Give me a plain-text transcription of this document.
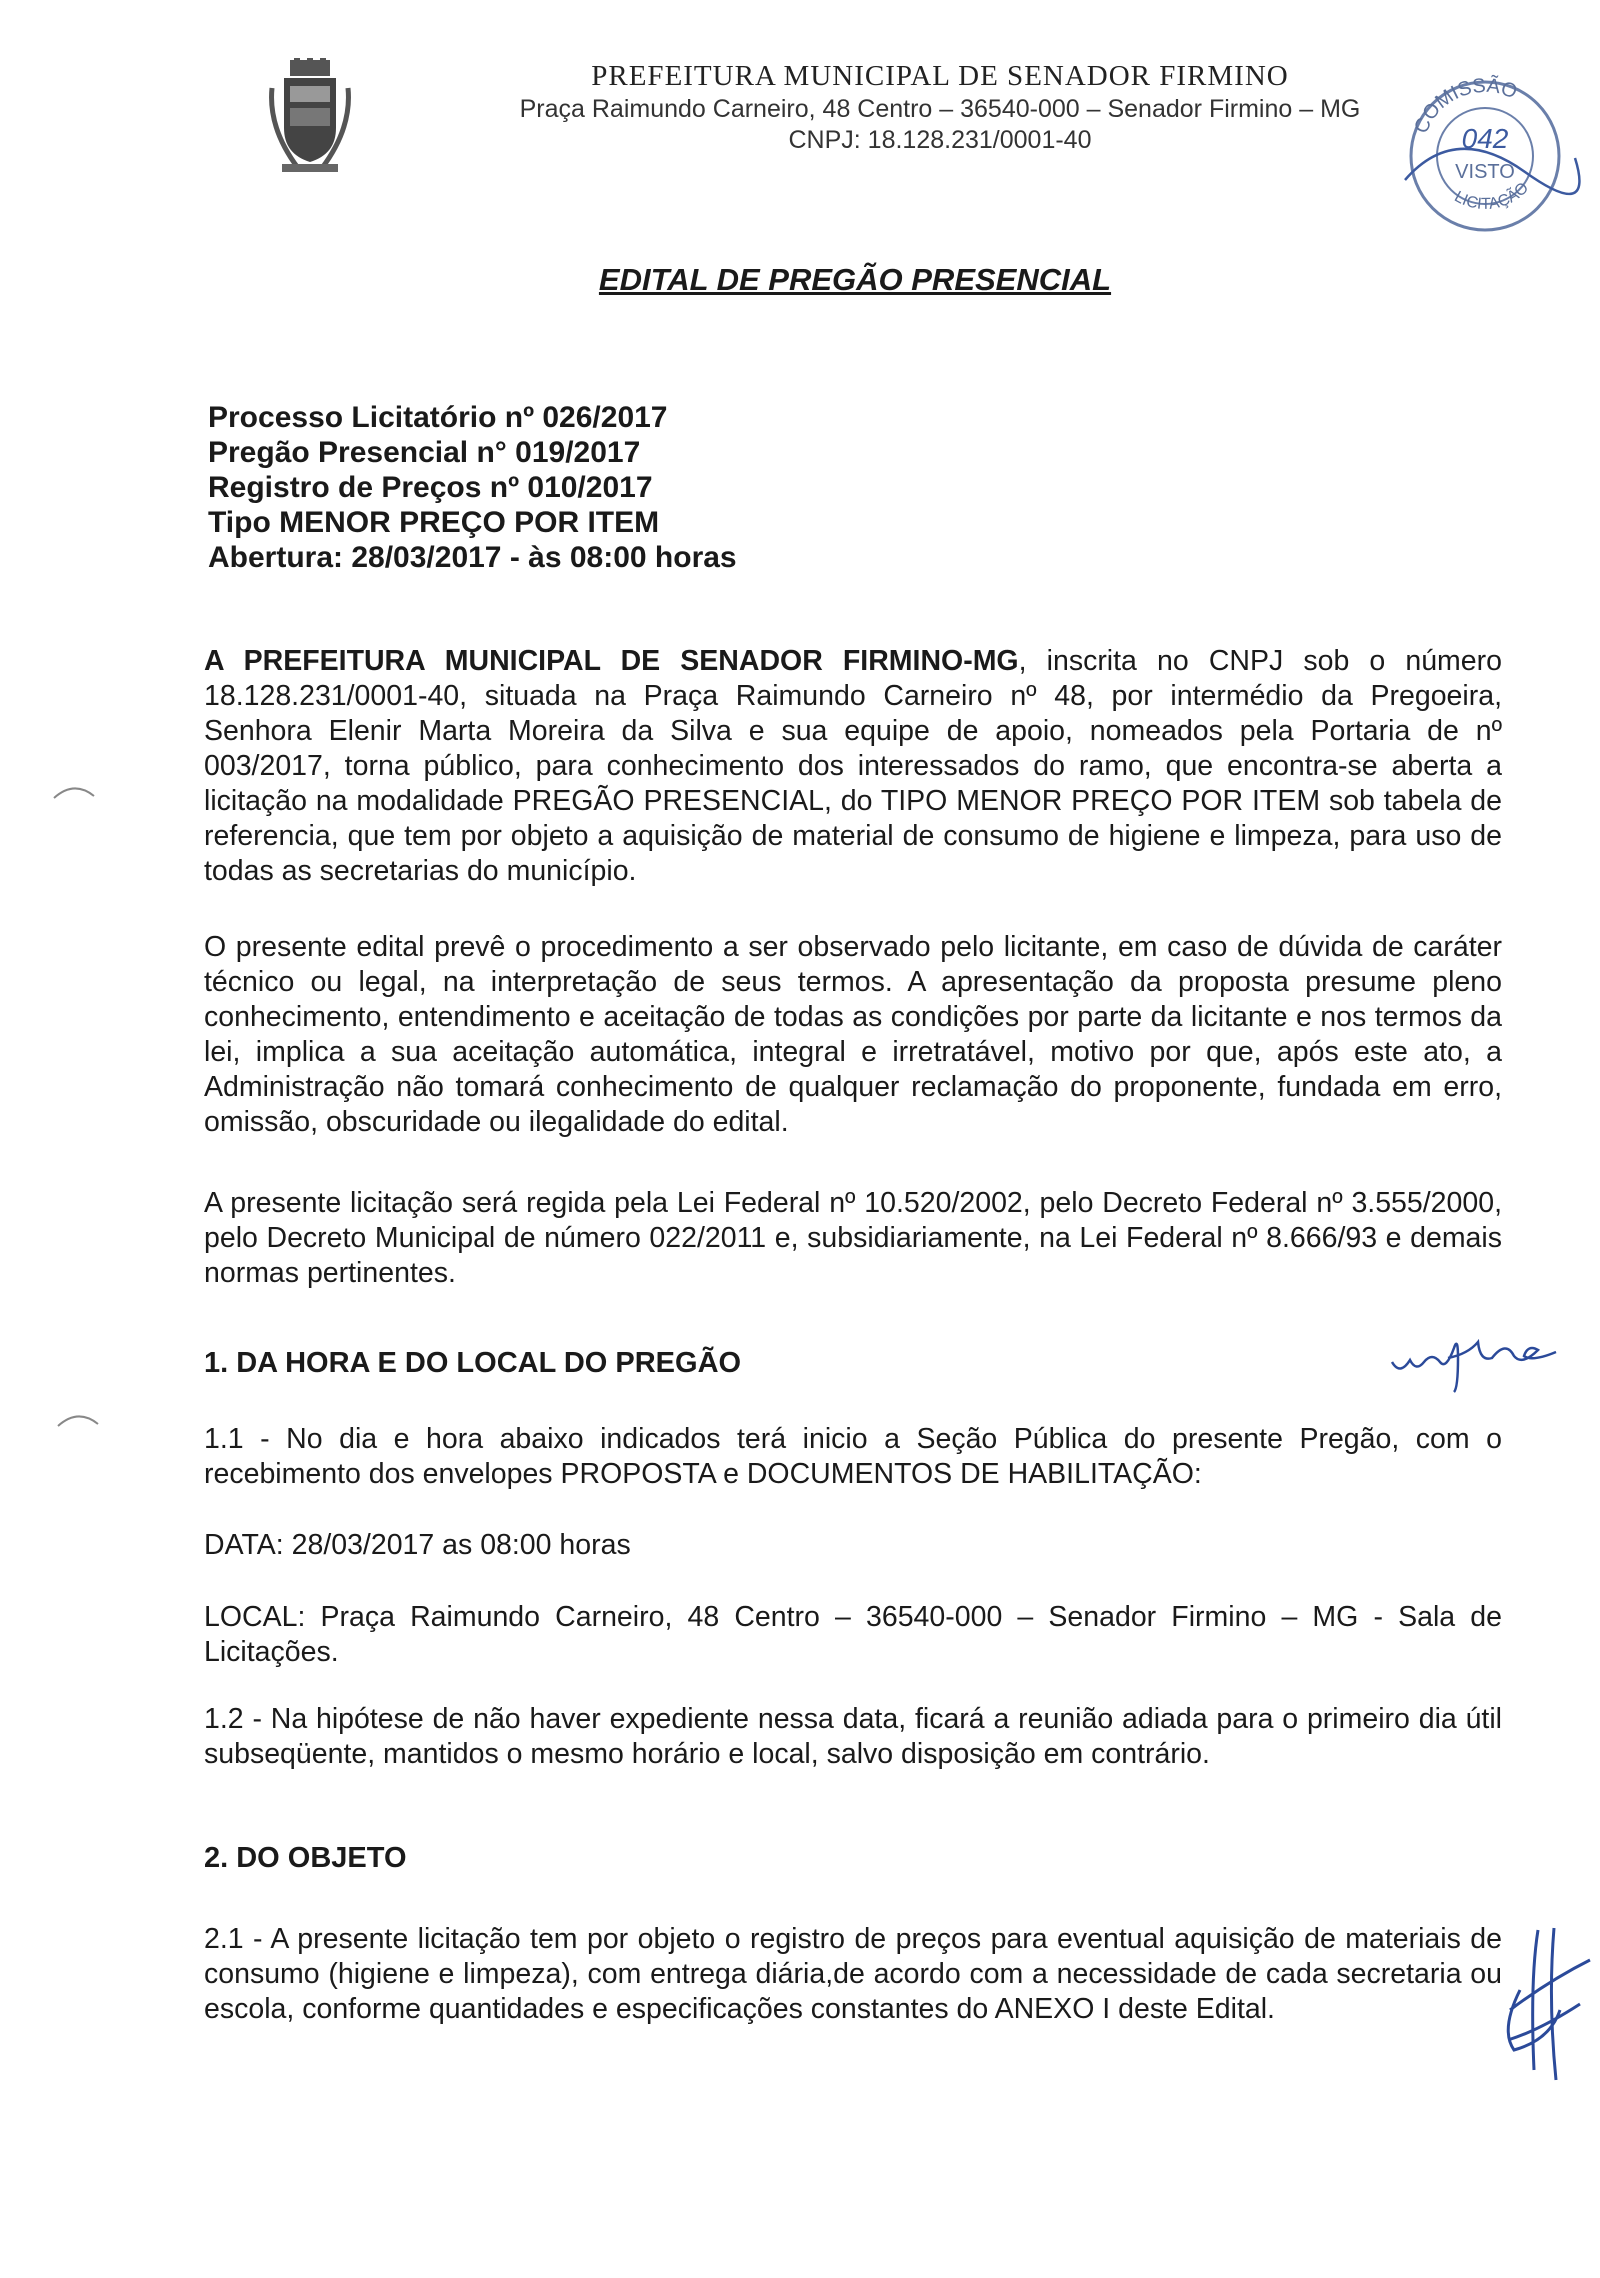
PREFEITURA MUNICIPAL DE SENADOR FIRMINO
Praça Raimundo Carneiro, 48 Centro – 36540-000 – Senador Firmino – MG
CNPJ: 18.128.231/0001-40
COMISSÃO
042
VISTO
LICITAÇÃO
EDITAL DE PREGÃO PRESENCIAL
Processo Licitatório nº 026/2017
Pregão Presencial n° 019/2017
Registro de Preços nº 010/2017
Tipo MENOR PREÇO POR ITEM
Abertura: 28/03/2017 - às 08:00 horas
A PREFEITURA MUNICIPAL DE SENADOR FIRMINO-MG, inscrita no CNPJ sob o número 18.128.231/0001-40, situada na Praça Raimundo Carneiro nº 48, por intermédio da Pregoeira, Senhora Elenir Marta Moreira da Silva e sua equipe de apoio, nomeados pela Portaria de nº 003/2017, torna público, para conhecimento dos interessados do ramo, que encontra-se aberta a licitação na modalidade PREGÃO PRESENCIAL, do TIPO MENOR PREÇO POR ITEM sob tabela de referencia, que tem por objeto a aquisição de material de consumo de higiene e limpeza, para uso de todas as secretarias do município.
O presente edital prevê o procedimento a ser observado pelo licitante, em caso de dúvida de caráter técnico ou legal, na interpretação de seus termos. A apresentação da proposta presume pleno conhecimento, entendimento e aceitação de todas as condições por parte da licitante e nos termos da lei, implica a sua aceitação automática, integral e irretratável, motivo por que, após este ato, a Administração não tomará conhecimento de qualquer reclamação do proponente, fundada em erro, omissão, obscuridade ou ilegalidade do edital.
A presente licitação será regida pela Lei Federal nº 10.520/2002, pelo Decreto Federal nº 3.555/2000, pelo Decreto Municipal de número 022/2011 e, subsidiariamente, na Lei Federal nº 8.666/93 e demais normas pertinentes.
1. DA HORA E DO LOCAL DO PREGÃO
1.1 - No dia e hora abaixo indicados terá inicio a Seção Pública do presente Pregão, com o recebimento dos envelopes PROPOSTA e DOCUMENTOS DE HABILITAÇÃO:
DATA: 28/03/2017 as 08:00 horas
LOCAL: Praça Raimundo Carneiro, 48 Centro – 36540-000 – Senador Firmino – MG - Sala de Licitações.
1.2 - Na hipótese de não haver expediente nessa data, ficará a reunião adiada para o primeiro dia útil subseqüente, mantidos o mesmo horário e local, salvo disposição em contrário.
2. DO OBJETO
2.1 - A presente licitação tem por objeto o registro de preços para eventual aquisição de materiais de consumo (higiene e limpeza), com entrega diária,de acordo com a necessidade de cada secretaria ou escola, conforme quantidades e especificações constantes do ANEXO I deste Edital.
